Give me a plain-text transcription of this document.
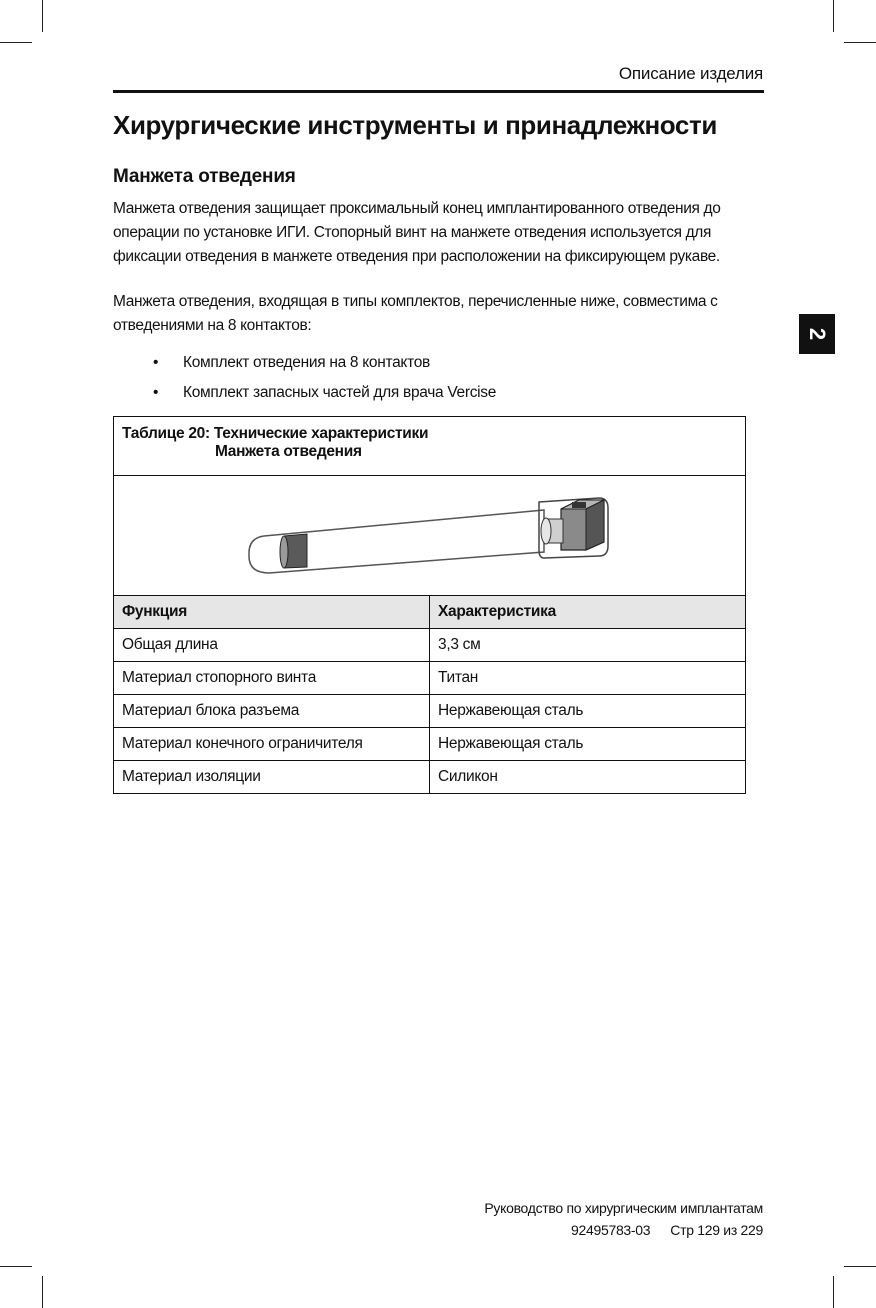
Описание изделия
Хирургические инструменты и принадлежности
Манжета отведения

Манжета отведения защищает проксимальный конец имплантированного отведения до
операции по установке ИГИ. Стопорный винт на манжете отведения используется для
фиксации отведения в манжете отведения при расположении на фиксирующем рукаве.

Манжета отведения, входящая в типы комплектов, перечисленные ниже, совместима с
отведениями на 8 контактов:

• Комплект отведения на 8 контактов
• Комплект запасных частей для врача Vercise
2
Таблице 20: Технические характеристики
Манжета отведения	

Функция	Характеристика
Общая длина	3,3 см
Материал стопорного винта	Титан
Материал блока разъема	Нержавеющая сталь
Материал конечного ограничителя	Нержавеющая сталь
Материал изоляции	Силикон
Руководство по хирургическим имплантатам
92495783-03 Стр 129 из 229
